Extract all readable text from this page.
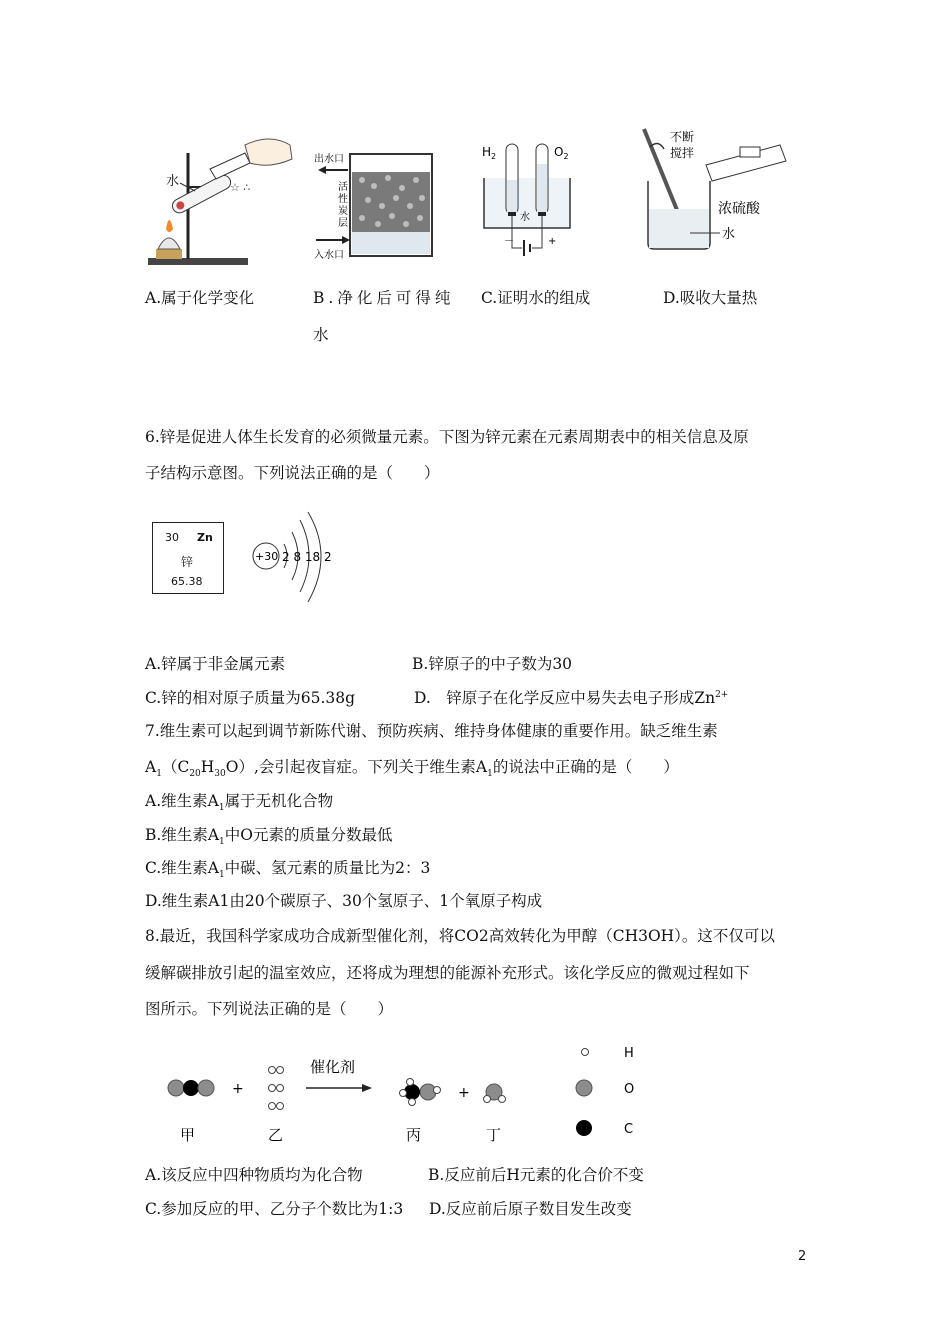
水	☆ ∴
出水口
入水口
活
性
炭
层
$H_2$	$O_2$
水
－	+
不断
搅拌
浓硫酸
水
A.属于化学变化	B.净化后可得纯
水
C.证明水的组成	D.吸收大量热
6.锌是促进人体生长发育的必须微量元素。下图为锌元素在元素周期表中的相关信息及原
子结构示意图。下列说法正确的是（　　）
30 Zn
锌
65.38
+30 2 8 18 2
A.锌属于非金属元素	B.锌原子的中子数为30
C.锌的相对原子质量为65.38g	D.　锌原子在化学反应中易失去电子形成$Zn^{2+}$
7.维生素可以起到调节新陈代谢、预防疾病、维持身体健康的重要作用。缺乏维生素
$A_1(C_{20}H_{30}O)$,会引起夜盲症。下列关于维生素$A_1$的说法中正确的是（　　）
A.维生素$A_1$属于无机化合物
B.维生素$A_1$中O元素的质量分数最低
C.维生素$A_1$中碳、氢元素的质量比为2：3
D.维生素A1由20个碳原子、30个氢原子、1个氧原子构成
8.最近，我国科学家成功合成新型催化剂，将CO2高效转化为甲醇（CH3OH）。这不仅可以
缓解碳排放引起的温室效应，还将成为理想的能源补充形式。该化学反应的微观过程如下
图所示。下列说法正确的是（　　）
+
催化剂
+
H
O
C
甲	乙	丙	丁
A.该反应中四种物质均为化合物	B.反应前后H元素的化合价不变
C.参加反应的甲、乙分子个数比为1:3 D.反应前后原子数目发生改变
2
